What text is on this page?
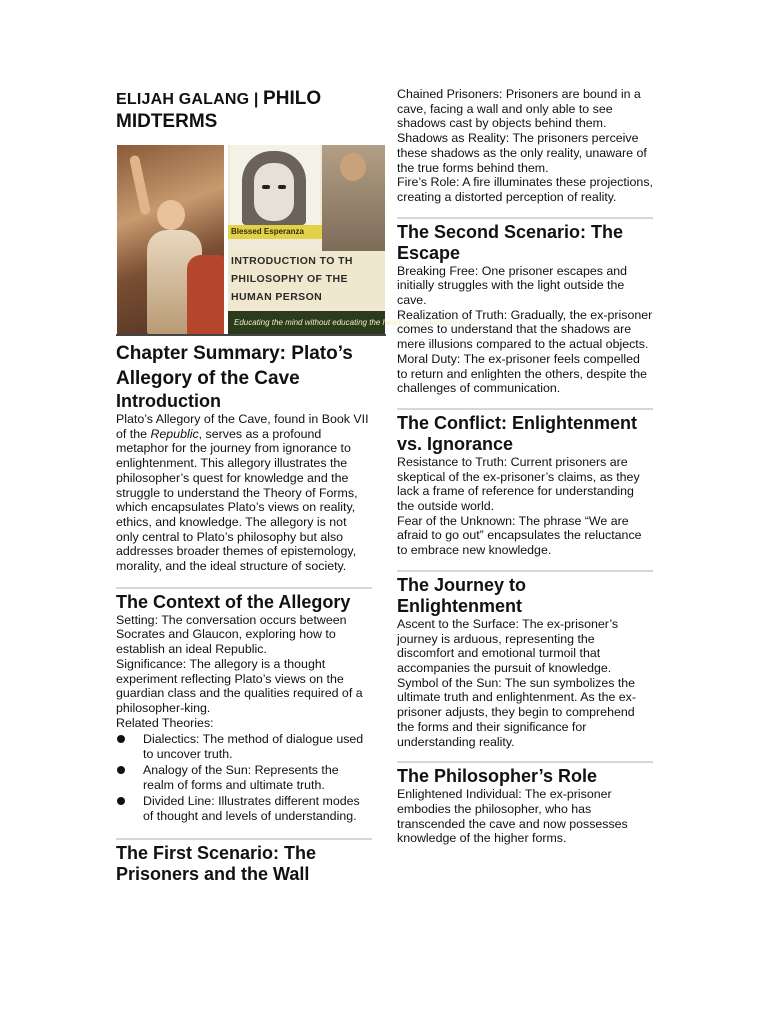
ELIJAH GALANG | PHILO MIDTERMS
Blessed Esperanza
INTRODUCTION TO TH
PHILOSOPHY OF THE
HUMAN PERSON
Educating the mind without educating the heart is no education at all.
Chapter Summary: Plato’s Allegory of the Cave
Introduction

Plato’s Allegory of the Cave, found in Book VII of the Republic, serves as a profound metaphor for the journey from ignorance to enlightenment. This allegory illustrates the philosopher’s quest for knowledge and the struggle to understand the Theory of Forms, which encapsulates Plato’s views on reality, ethics, and knowledge. The allegory is not only central to Plato’s philosophy but also addresses broader themes of epistemology, morality, and the ideal structure of society.

The Context of the Allegory

Setting: The conversation occurs between Socrates and Glaucon, exploring how to establish an ideal Republic.

Significance: The allegory is a thought experiment reflecting Plato’s views on the guardian class and the qualities required of a philosopher-king.

Related Theories:

Dialectics: The method of dialogue used to uncover truth.
Analogy of the Sun: Represents the realm of forms and ultimate truth.
Divided Line: Illustrates different modes of thought and levels of understanding.
The First Scenario: The Prisoners and the Wall

Chained Prisoners: Prisoners are bound in a cave, facing a wall and only able to see shadows cast by objects behind them.

Shadows as Reality: The prisoners perceive these shadows as the only reality, unaware of the true forms behind them.

Fire’s Role: A fire illuminates these projections, creating a distorted perception of reality.

The Second Scenario: The Escape

Breaking Free: One prisoner escapes and initially struggles with the light outside the cave.

Realization of Truth: Gradually, the ex-prisoner comes to understand that the shadows are mere illusions compared to the actual objects.

Moral Duty: The ex-prisoner feels compelled to return and enlighten the others, despite the challenges of communication.

The Conflict: Enlightenment vs. Ignorance

Resistance to Truth: Current prisoners are skeptical of the ex-prisoner’s claims, as they lack a frame of reference for understanding the outside world.

Fear of the Unknown: The phrase “We are afraid to go out” encapsulates the reluctance to embrace new knowledge.

The Journey to Enlightenment

Ascent to the Surface: The ex-prisoner’s journey is arduous, representing the discomfort and emotional turmoil that accompanies the pursuit of knowledge.

Symbol of the Sun: The sun symbolizes the ultimate truth and enlightenment. As the ex-prisoner adjusts, they begin to comprehend the forms and their significance for understanding reality.

The Philosopher’s Role

Enlightened Individual: The ex-prisoner embodies the philosopher, who has transcended the cave and now possesses knowledge of the higher forms.
